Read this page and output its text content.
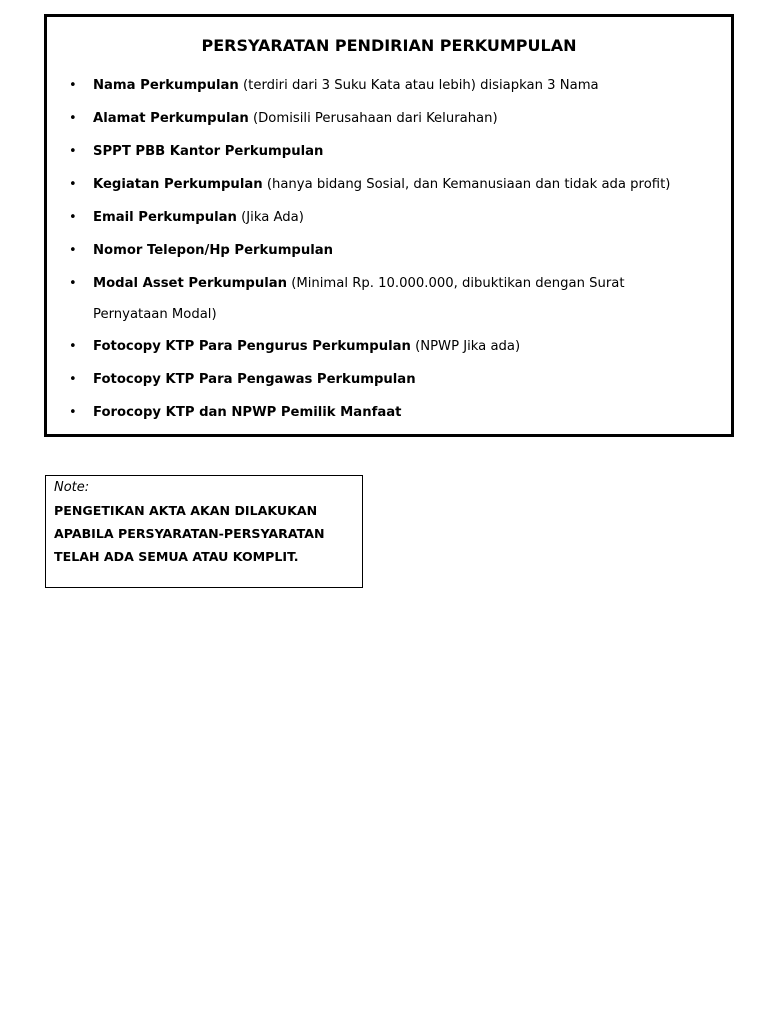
PERSYARATAN PENDIRIAN PERKUMPULAN
• Nama Perkumpulan (terdiri dari 3 Suku Kata atau lebih) disiapkan 3 Nama
• Alamat Perkumpulan (Domisili Perusahaan dari Kelurahan)
• SPPT PBB Kantor Perkumpulan
• Kegiatan Perkumpulan (hanya bidang Sosial, dan Kemanusiaan dan tidak ada profit)
• Email Perkumpulan (Jika Ada)
• Nomor Telepon/Hp Perkumpulan
• Modal Asset Perkumpulan (Minimal Rp. 10.000.000, dibuktikan dengan Surat Pernyataan Modal)
• Fotocopy KTP Para Pengurus Perkumpulan (NPWP Jika ada)
• Fotocopy KTP Para Pengawas Perkumpulan
• Forocopy KTP dan NPWP Pemilik Manfaat
Note:

PENGETIKAN AKTA AKAN DILAKUKAN
APABILA PERSYARATAN-PERSYARATAN
TELAH ADA SEMUA ATAU KOMPLIT.
